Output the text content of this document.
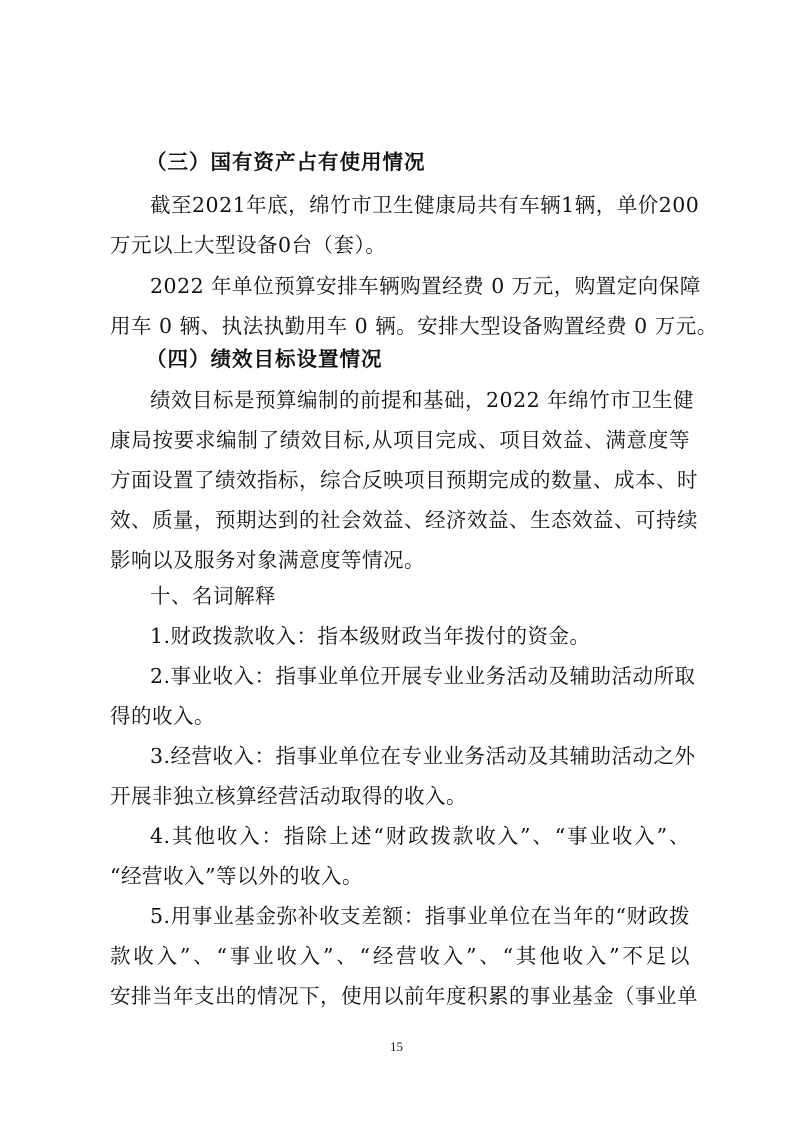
（三）国有资产占有使用情况
截至2021年底，绵竹市卫生健康局共有车辆1辆，单价200
万元以上大型设备0台（套）。
2022 年单位预算安排车辆购置经费 0 万元，购置定向保障
用车 0 辆、执法执勤用车 0 辆。安排大型设备购置经费 0 万元。
（四）绩效目标设置情况
绩效目标是预算编制的前提和基础，2022 年绵竹市卫生健
康局按要求编制了绩效目标,从项目完成、项目效益、满意度等
方面设置了绩效指标，综合反映项目预期完成的数量、成本、时
效、质量，预期达到的社会效益、经济效益、生态效益、可持续
影响以及服务对象满意度等情况。
十、名词解释
1.财政拨款收入：指本级财政当年拨付的资金。
2.事业收入：指事业单位开展专业业务活动及辅助活动所取
得的收入。
3.经营收入：指事业单位在专业业务活动及其辅助活动之外
开展非独立核算经营活动取得的收入。
4.其他收入：指除上述“财政拨款收入”、“事业收入”、
“经营收入”等以外的收入。
5.用事业基金弥补收支差额：指事业单位在当年的“财政拨
款收入”、“事业收入”、“经营收入”、“其他收入”不足以
安排当年支出的情况下，使用以前年度积累的事业基金（事业单
15
